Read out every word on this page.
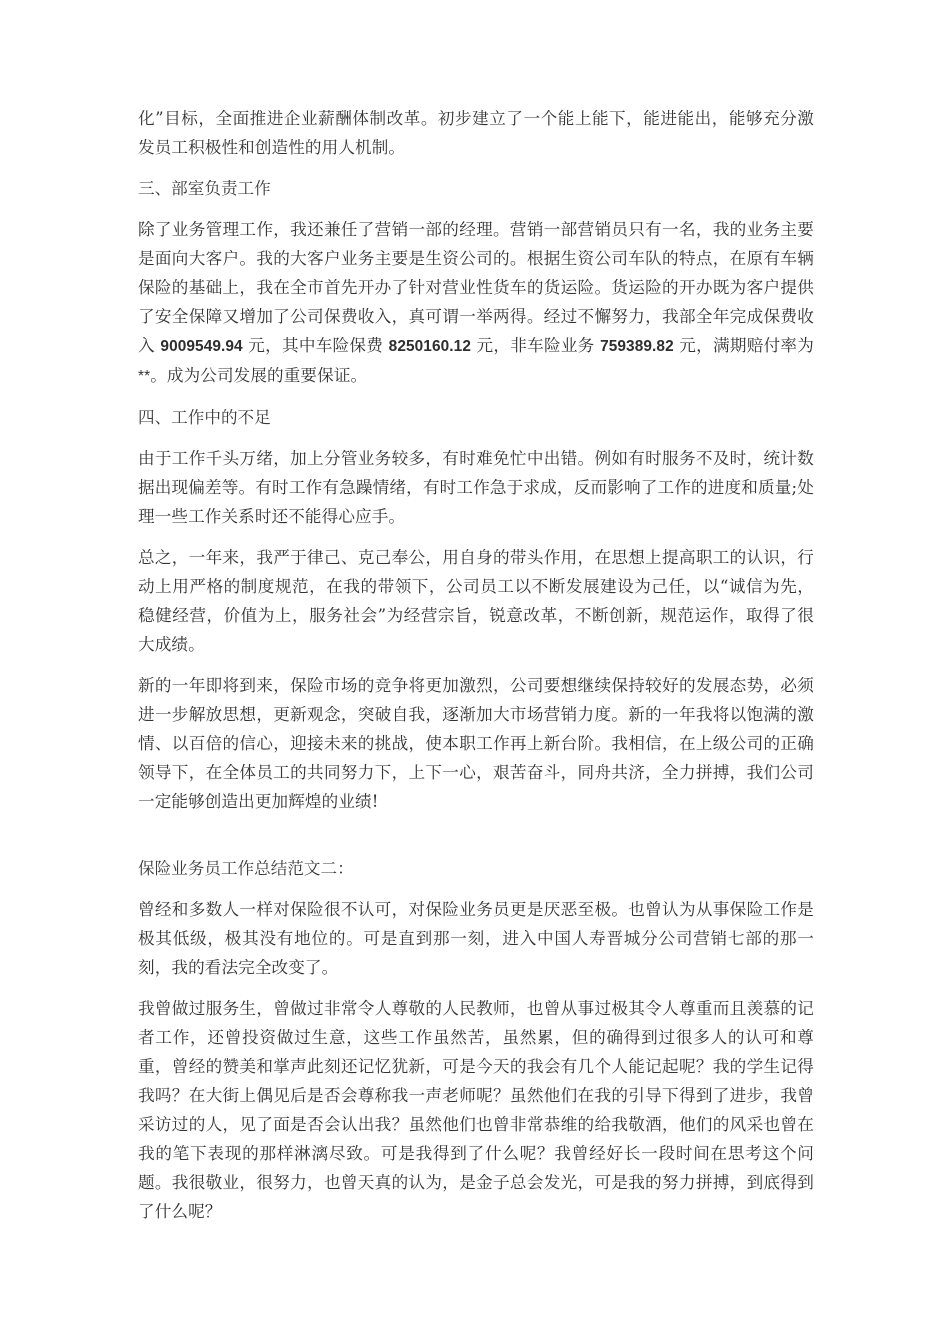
化”目标，全面推进企业薪酬体制改革。初步建立了一个能上能下，能进能出，能够充分激发员工积极性和创造性的用人机制。

三、部室负责工作

除了业务管理工作，我还兼任了营销一部的经理。营销一部营销员只有一名，我的业务主要是面向大客户。我的大客户业务主要是生资公司的。根据生资公司车队的特点，在原有车辆保险的基础上，我在全市首先开办了针对营业性货车的货运险。货运险的开办既为客户提供了安全保障又增加了公司保费收入，真可谓一举两得。经过不懈努力，我部全年完成保费收入 9009549.94 元，其中车险保费 8250160.12 元，非车险业务 759389.82 元，满期赔付率为**。成为公司发展的重要保证。

四、工作中的不足

由于工作千头万绪，加上分管业务较多，有时难免忙中出错。例如有时服务不及时，统计数据出现偏差等。有时工作有急躁情绪，有时工作急于求成，反而影响了工作的进度和质量;处理一些工作关系时还不能得心应手。

总之，一年来，我严于律己、克己奉公，用自身的带头作用，在思想上提高职工的认识，行动上用严格的制度规范，在我的带领下，公司员工以不断发展建设为己任，以“诚信为先，稳健经营，价值为上，服务社会”为经营宗旨，锐意改革，不断创新，规范运作，取得了很大成绩。

新的一年即将到来，保险市场的竞争将更加激烈，公司要想继续保持较好的发展态势，必须进一步解放思想，更新观念，突破自我，逐渐加大市场营销力度。新的一年我将以饱满的激情、以百倍的信心，迎接未来的挑战，使本职工作再上新台阶。我相信，在上级公司的正确领导下，在全体员工的共同努力下，上下一心，艰苦奋斗，同舟共济，全力拼搏，我们公司一定能够创造出更加辉煌的业绩!

保险业务员工作总结范文二：

曾经和多数人一样对保险很不认可，对保险业务员更是厌恶至极。也曾认为从事保险工作是极其低级，极其没有地位的。可是直到那一刻，进入中国人寿晋城分公司营销七部的那一刻，我的看法完全改变了。

我曾做过服务生，曾做过非常令人尊敬的人民教师，也曾从事过极其令人尊重而且羡慕的记者工作，还曾投资做过生意，这些工作虽然苦，虽然累，但的确得到过很多人的认可和尊重，曾经的赞美和掌声此刻还记忆犹新，可是今天的我会有几个人能记起呢？我的学生记得我吗？在大街上偶见后是否会尊称我一声老师呢？虽然他们在我的引导下得到了进步，我曾采访过的人，见了面是否会认出我？虽然他们也曾非常恭维的给我敬酒，他们的风采也曾在我的笔下表现的那样淋漓尽致。可是我得到了什么呢？我曾经好长一段时间在思考这个问题。我很敬业，很努力，也曾天真的认为，是金子总会发光，可是我的努力拼搏，到底得到了什么呢？
